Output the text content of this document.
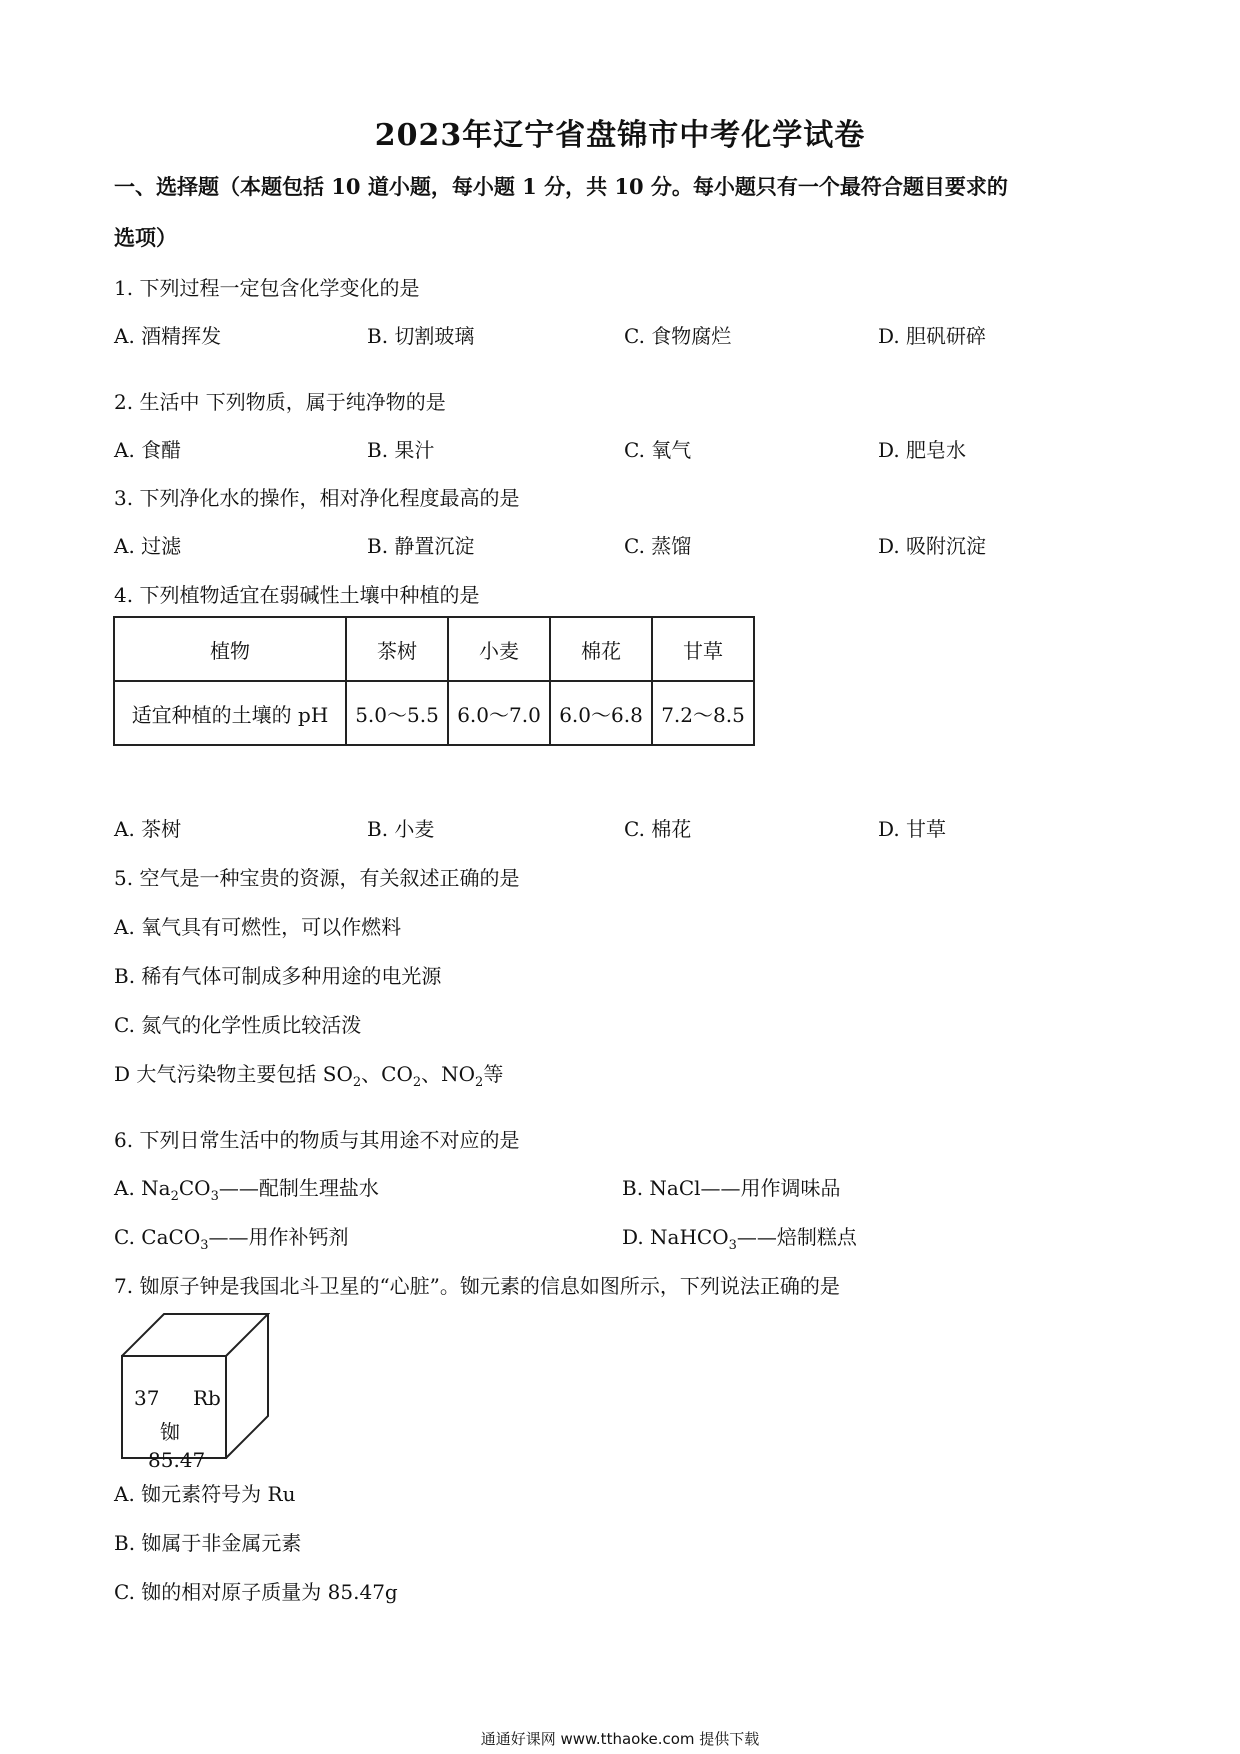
2023年辽宁省盘锦市中考化学试卷
一、选择题（本题包括 10 道小题，每小题 1 分，共 10 分。每小题只有一个最符合题目要求的
选项）
1. 下列过程一定包含化学变化的是
A. 酒精挥发	B. 切割玻璃	C. 食物腐烂	D. 胆矾研碎
2. 生活中 下列物质，属于纯净物的是
A. 食醋	B. 果汁	C. 氧气	D. 肥皂水
3. 下列净化水的操作，相对净化程度最高的是
A. 过滤	B. 静置沉淀	C. 蒸馏	D. 吸附沉淀
4. 下列植物适宜在弱碱性土壤中种植的是
植物	茶树	小麦	棉花	甘草
适宜种植的土壤的 pH	5.0～5.5	6.0～7.0	6.0～6.8	7.2～8.5
A. 茶树	B. 小麦	C. 棉花	D. 甘草
5. 空气是一种宝贵的资源，有关叙述正确的是
A. 氧气具有可燃性，可以作燃料
B. 稀有气体可制成多种用途的电光源
C. 氮气的化学性质比较活泼
D 大气污染物主要包括 $SO_2$、$CO_2$、$NO_2$等
6. 下列日常生活中的物质与其用途不对应的是
A. $Na_2CO_3——$配制生理盐水	B. NaCl——用作调味品
C. CaCO$_3$——用作补钙剂	D. NaHCO$_3$——焙制糕点
7. 铷原子钟是我国北斗卫星的“心脏”。铷元素的信息如图所示，下列说法正确的是
37 Rb
铷
85.47
A. 铷元素符号为 Ru
B. 铷属于非金属元素
C. 铷的相对原子质量为 85.47g
通通好课网 www.tthaoke.com 提供下载
